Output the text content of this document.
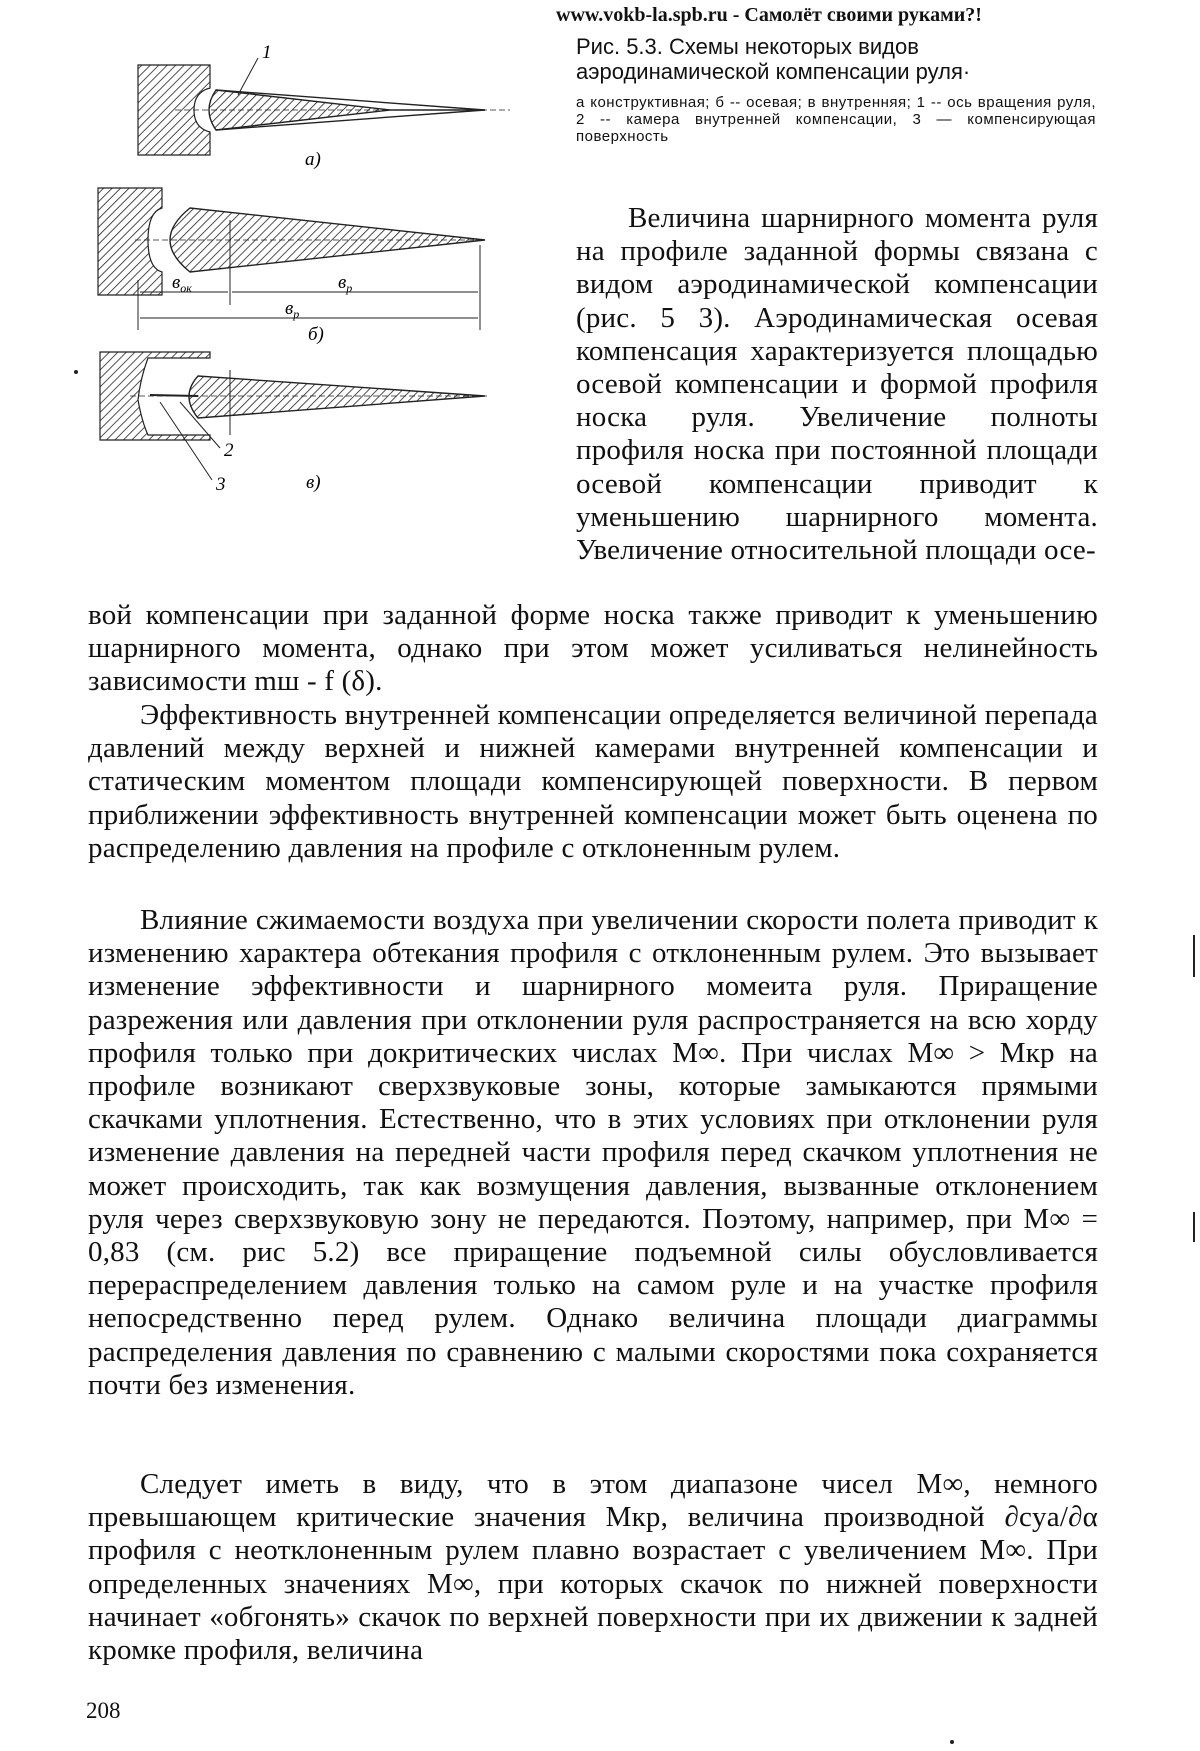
www.vokb-la.spb.ru - Самолёт своими руками?!
1
а)
$в_{ок}$	$в_р$
$в_р$
б)
2
3	в)
Рис. 5.3. Схемы некоторых видов аэродинамической компенсации руля·
а конструктивная; б -- осевая; в внутренняя; 1 -- ось вращения руля, 2 -- камера внутренней компенсации, 3 — компенсирующая поверхность
Величина шарнирного момента руля на профиле заданной формы связана с видом аэродинамической компенсации (рис. 5 3). Аэродинамическая осевая компенсация характеризуется площадью осевой компенсации и формой профиля носка руля. Увеличение полноты профиля носка при постоянной площади осевой компенсации приводит к уменьшению шарнирного момента. Увеличение относительной площади осе-
вой компенсации при заданной форме носка также приводит к уменьшению шарнирного момента, однако при этом может усиливаться нелинейность зависимости mш - f (δ).
Эффективность внутренней компенсации определяется величиной перепада давлений между верхней и нижней камерами внутренней компенсации и статическим моментом площади компенсирующей поверхности. В первом приближении эффективность внутренней компенсации может быть оценена по распределению давления на профиле с отклоненным рулем.
Влияние сжимаемости воздуха при увеличении скорости полета приводит к изменению характера обтекания профиля с отклоненным рулем. Это вызывает изменение эффективности и шарнирного момеита руля. Приращение разрежения или давления при отклонении руля распространяется на всю хорду профиля только при докритических числах M∞. При числах M∞ > Mкр на профиле возникают сверхзвуковые зоны, которые замыкаются прямыми скачками уплотнения. Естественно, что в этих условиях при отклонении руля изменение давления на передней части профиля перед скачком уплотнения не может происходить, так как возмущения давления, вызванные отклонением руля через сверхзвуковую зону не передаются. Поэтому, например, при M∞ = 0,83 (см. рис 5.2) все приращение подъемной силы обусловливается перераспределением давления только на самом руле и на участке профиля непосредственно перед рулем. Однако величина площади диаграммы распределения давления по сравнению с малыми скоростями пока сохраняется почти без изменения.
Следует иметь в виду, что в этом диапазоне чисел M∞, немного превышающем критические значения Mкр, величина производной ∂cya/∂α профиля с неотклоненным рулем плавно возрастает с увеличением M∞. При определенных значениях M∞, при которых скачок по нижней поверхности начинает «обгонять» скачок по верхней поверхности при их движении к задней кромке профиля, величина
208
